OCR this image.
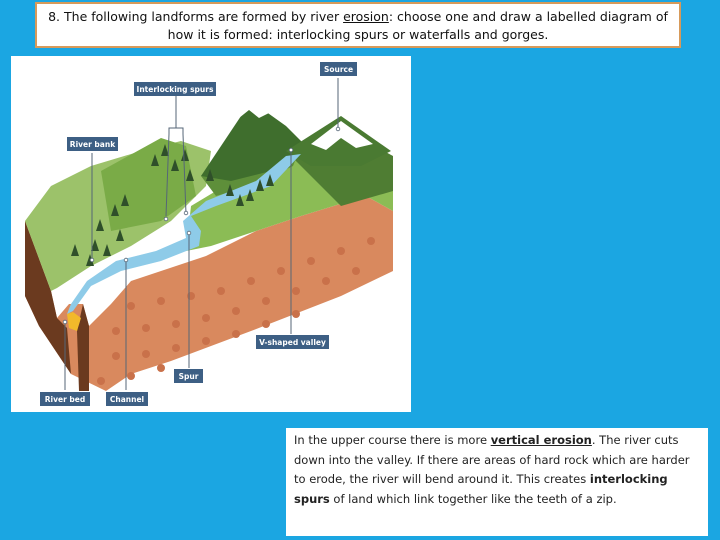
8. The following landforms are formed by river erosion: choose one and draw a labelled diagram of how it is formed: interlocking spurs or waterfalls and gorges.
Source
Interlocking spurs
River bank
V-shaped valley
Spur
River bed	Channel
In the upper course there is more vertical erosion. The river cuts down into the valley. If there are areas of hard rock which are harder to erode, the river will bend around it. This creates interlocking spurs of land which link together like the teeth of a zip.
